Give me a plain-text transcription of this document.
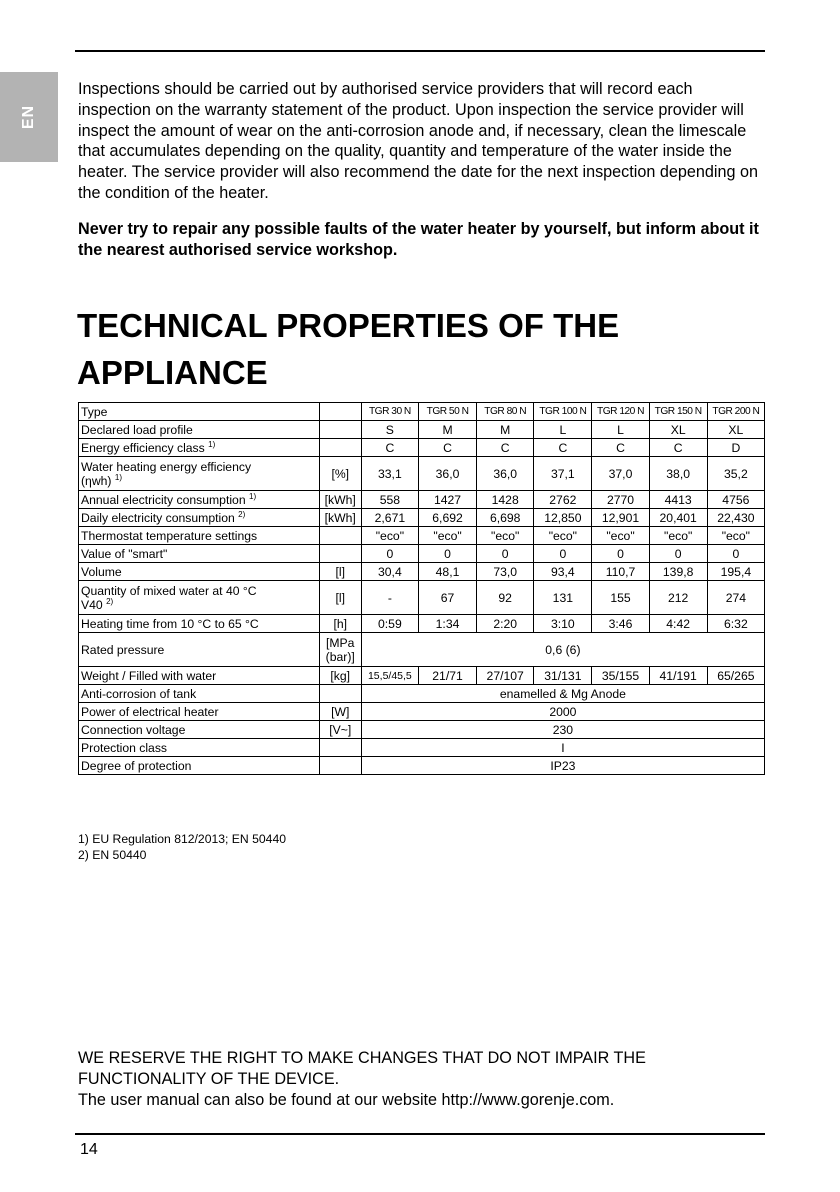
EN

Inspections should be carried out by authorised service providers that will record each inspection on the warranty statement of the product. Upon inspection the service provider will inspect the amount of wear on the anti-corrosion anode and, if necessary, clean the limescale that accumulates depending on the quality, quantity and temperature of the water inside the heater. The service provider will also recommend the date for the next inspection depending on the condition of the heater.

Never try to repair any possible faults of the water heater by yourself, but inform about it the nearest authorised service workshop.

TECHNICAL PROPERTIES OF THE APPLIANCE
Type		TGR 30 N	TGR 50 N	TGR 80 N	TGR 100 N	TGR 120 N	TGR 150 N	TGR 200 N
Declared load profile		S	M	M	L	L	XL	XL
Energy efficiency class $^{1)}$		C	C	C	C	C	C	D
Water heating energy efficiency
(ηwh) $^{1)}$	[%]	33,1	36,0	36,0	37,1	37,0	38,0	35,2
Annual electricity consumption $^{1)}$	[kWh]	558	1427	1428	2762	2770	4413	4756
Daily electricity consumption $^{2)}$	[kWh]	2,671	6,692	6,698	12,850	12,901	20,401	22,430
Thermostat temperature settings		"eco"	"eco"	"eco"	"eco"	"eco"	"eco"	"eco"
Value of "smart"		0	0	0	0	0	0	0
Volume	[l]	30,4	48,1	73,0	93,4	110,7	139,8	195,4
Quantity of mixed water at 40 °C
V40 $^{2)}$	[l]	-	67	92	131	155	212	274
Heating time from 10 °C to 65 °C	[h]	0:59	1:34	2:20	3:10	3:46	4:42	6:32
Rated pressure	[MPa
(bar)]	0,6 (6)						
Weight / Filled with water	[kg]	15,5/45,5	21/71	27/107	31/131	35/155	41/191	65/265
Anti-corrosion of tank		enamelled & Mg Anode						
Power of electrical heater	[W]	2000						
Connection voltage	[V~]	230						
Protection class		I						
Degree of protection		IP23						
1) EU Regulation 812/2013; EN 50440
2) EN 50440

WE RESERVE THE RIGHT TO MAKE CHANGES THAT DO NOT IMPAIR THE FUNCTIONALITY OF THE DEVICE.
The user manual can also be found at our website http://www.gorenje.com.

14
